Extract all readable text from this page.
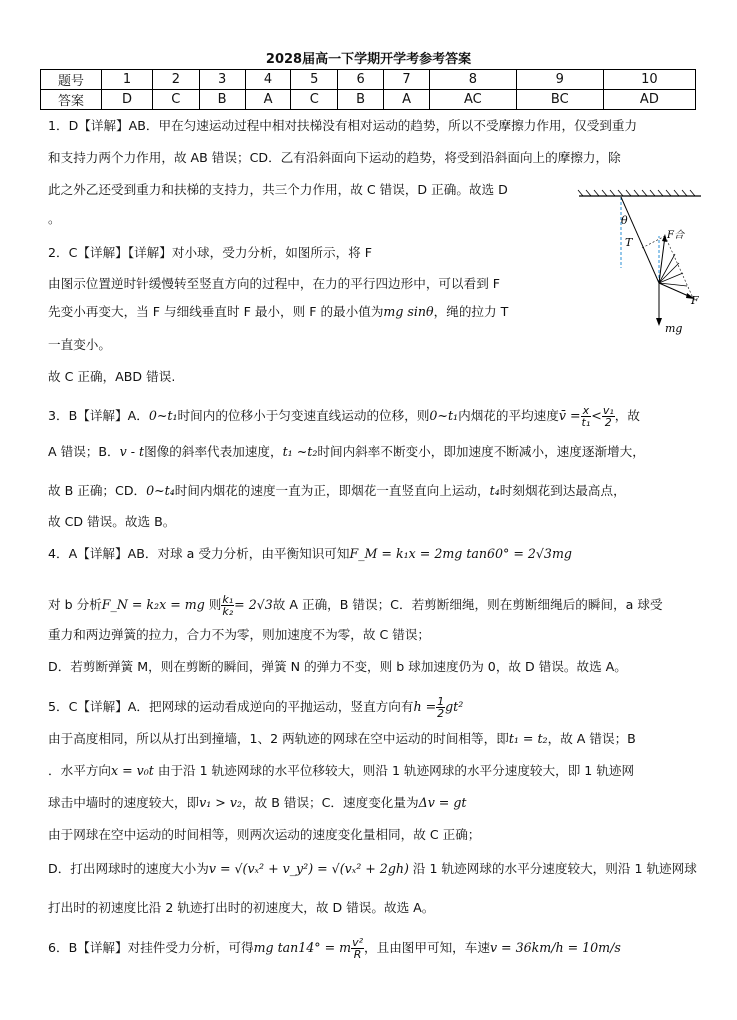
2028届高一下学期开学考参考答案
题号	1	2	3	4	5	6	7	8	9	10
答案	D	C	B	A	C	B	A	AC	BC	AD
1．D【详解】AB．甲在匀速运动过程中相对扶梯没有相对运动的趋势，所以不受摩擦力作用，仅受到重力
和支持力两个力作用，故 AB 错误；CD．乙有沿斜面向下运动的趋势，将受到沿斜面向上的摩擦力，除
此之外乙还受到重力和扶梯的支持力，共三个力作用，故 C 错误，D 正确。故选 D
。
2．C【详解】【详解】对小球，受力分析，如图所示，将 F
由图示位置逆时针缓慢转至竖直方向的过程中，在力的平行四边形中，可以看到 F
先变小再变大，当 F 与细线垂直时 F 最小，则 F 的最小值为mg sinθ，绳的拉力 T
一直变小。
故 C 正确，ABD 错误.
θ
T
F合
F
mg
3．B【详解】A．0~t₁时间内的位移小于匀变速直线运动的位移，则0~t₁内烟花的平均速度v̄ = $\frac{x}{\text{t₁}} < \frac{\text{v₁}}{2}$ ，故
A 错误；B．v - t图像的斜率代表加速度，t₁ ~t₂时间内斜率不断变小，即加速度不断减小，速度逐渐增大，
故 B 正确；CD．0~t₄时间内烟花的速度一直为正，即烟花一直竖直向上运动，t₄时刻烟花到达最高点，
故 CD 错误。故选 B。
4．A【详解】AB．对球 a 受力分析，由平衡知识可知F_M = k₁x = 2mg tan60° = 2√3mg
对 b 分析F_N = k₂x = mg 则 $\frac{\text{k₁}}{\text{k₂}} = 2√3$故 A 正确，B 错误；C．若剪断细绳，则在剪断细绳后的瞬间，a 球受
重力和两边弹簧的拉力，合力不为零，则加速度不为零，故 C 错误；
D．若剪断弹簧 M，则在剪断的瞬间，弹簧 N 的弹力不变，则 b 球加速度仍为 0，故 D 错误。故选 A。
5．C【详解】A．把网球的运动看成逆向的平抛运动，竖直方向有$h = \frac{1}{2} gt^2$
由于高度相同，所以从打出到撞墙，1、2 两轨迹的网球在空中运动的时间相等，即t₁ = t₂，故 A 错误；B
．水平方向x = v₀t 由于沿 1 轨迹网球的水平位移较大，则沿 1 轨迹网球的水平分速度较大，即 1 轨迹网
球击中墙时的速度较大，即v₁ > v₂，故 B 错误；C．速度变化量为Δv = gt
由于网球在空中运动的时间相等，则两次运动的速度变化量相同，故 C 正确；
D．打出网球时的速度大小为v = √(vₓ² + v_y²) = √(vₓ² + 2gh) 沿 1 轨迹网球的水平分速度较大，则沿 1 轨迹网球
打出时的初速度比沿 2 轨迹打出时的初速度大，故 D 错误。故选 A。
6．B【详解】对挂件受力分析，可得mg tan14° = m $\frac{\text{v²}}{R}$ ，且由图甲可知，车速v = 36km/h = 10m/s
